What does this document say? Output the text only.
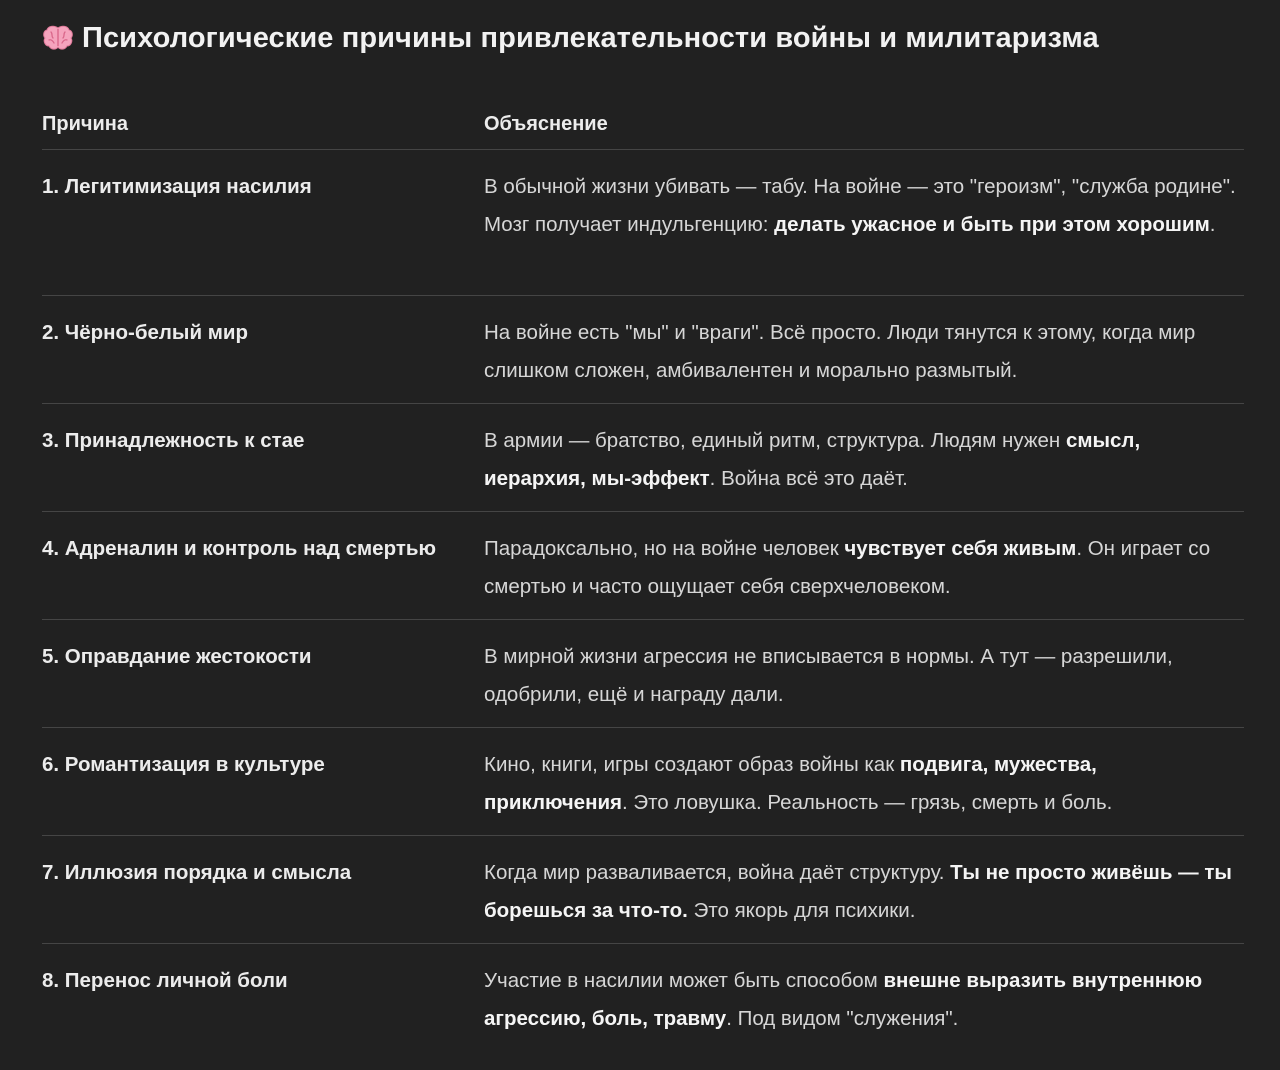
Психологические причины привлекательности войны и милитаризма
Причина	Объяснение
1. Легитимизация насилия	В обычной жизни убивать — табу. На войне — это "героизм", "служба родине". Мозг получает индульгенцию: делать ужасное и быть при этом хорошим.
2. Чёрно-белый мир	На войне есть "мы" и "враги". Всё просто. Люди тянутся к этому, когда мир слишком сложен, амбивалентен и морально размытый.
3. Принадлежность к стае	В армии — братство, единый ритм, структура. Людям нужен смысл, иерархия, мы-эффект. Война всё это даёт.
4. Адреналин и контроль над смертью	Парадоксально, но на войне человек чувствует себя живым. Он играет со смертью и часто ощущает себя сверхчеловеком.
5. Оправдание жестокости	В мирной жизни агрессия не вписывается в нормы. А тут — разрешили, одобрили, ещё и награду дали.
6. Романтизация в культуре	Кино, книги, игры создают образ войны как подвига, мужества, приключения. Это ловушка. Реальность — грязь, смерть и боль.
7. Иллюзия порядка и смысла	Когда мир разваливается, война даёт структуру. Ты не просто живёшь — ты борешься за что-то. Это якорь для психики.
8. Перенос личной боли	Участие в насилии может быть способом внешне выразить внутреннюю агрессию, боль, травму. Под видом "служения".
